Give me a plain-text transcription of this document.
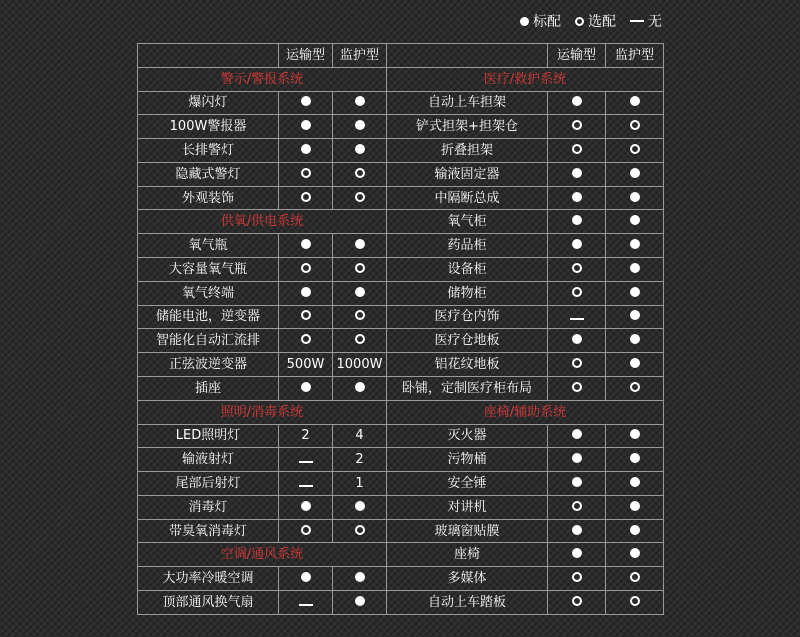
标配 选配 无
	运输型	监护型		运输型	监护型
警示/警报系统			医疗/救护系统		
爆闪灯			自动上车担架		
100W警报器			铲式担架+担架仓		
长排警灯			折叠担架		
隐藏式警灯			输液固定器		
外观装饰			中隔断总成		
供氧/供电系统			氧气柜		
氧气瓶			药品柜		
大容量氧气瓶			设备柜		
氧气终端			储物柜		
储能电池，逆变器			医疗仓内饰		
智能化自动汇流排			医疗仓地板		
正弦波逆变器	500W	1000W	铝花纹地板		
插座			卧铺，定制医疗柜布局		
照明/消毒系统			座椅/辅助系统		
LED照明灯	2	4	灭火器		
输液射灯		2	污物桶		
尾部后射灯		1	安全锤		
消毒灯			对讲机		
带臭氧消毒灯			玻璃窗贴膜		
空调/通风系统			座椅		
大功率冷暖空调			多媒体		
顶部通风换气扇			自动上车踏板		
